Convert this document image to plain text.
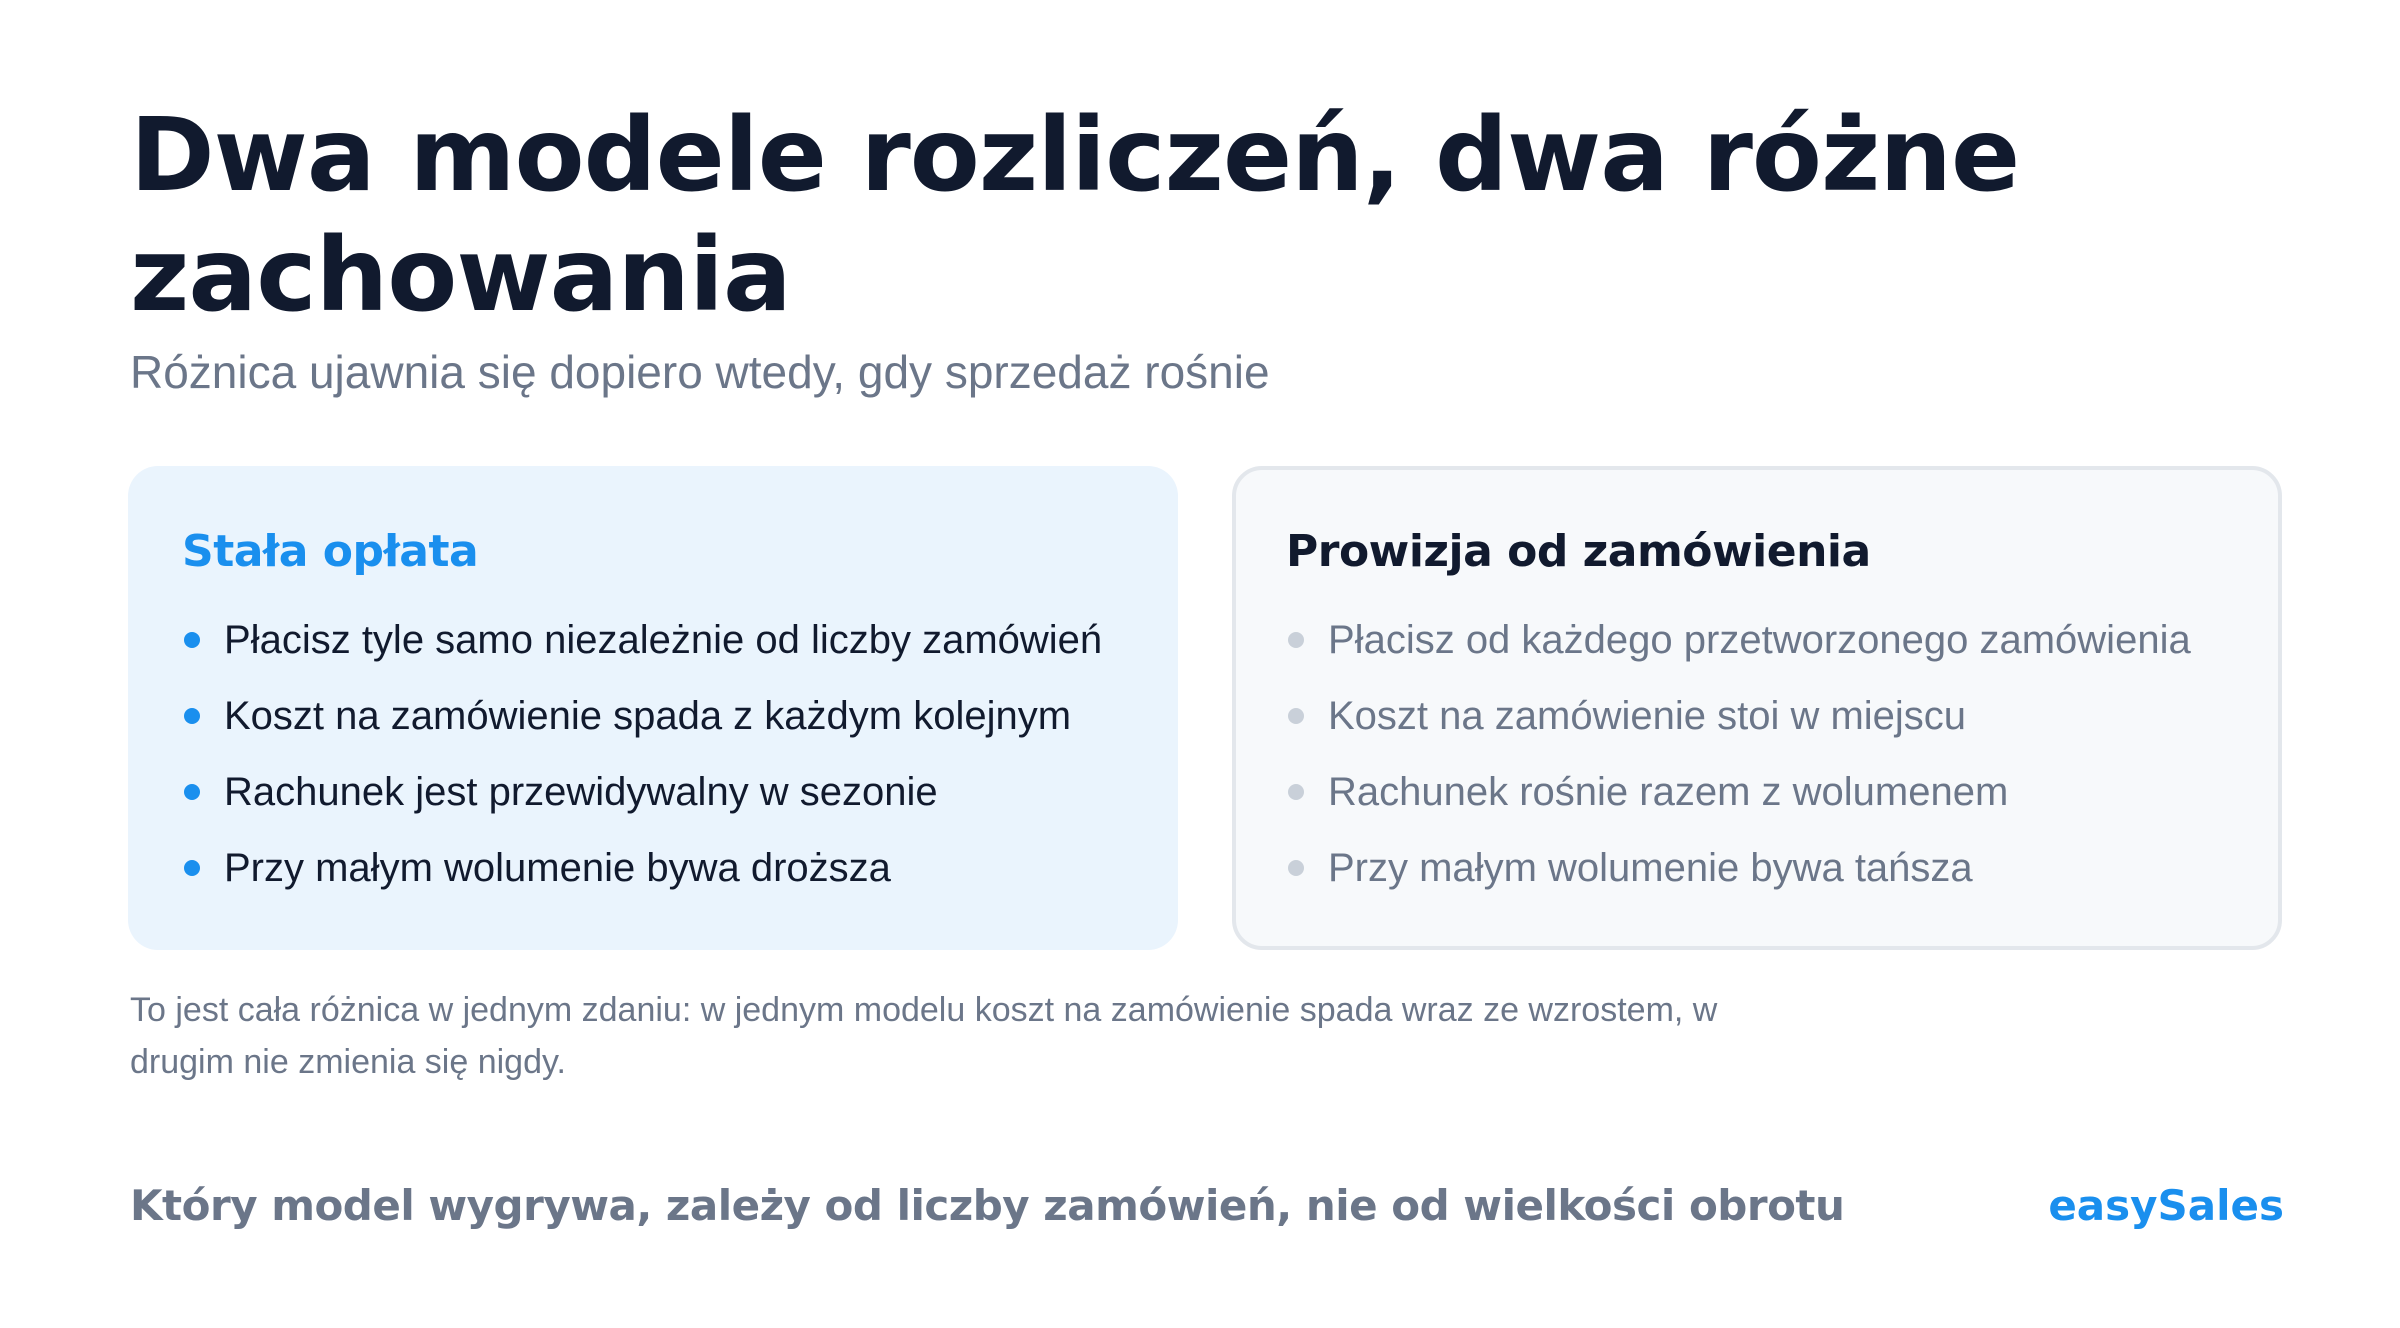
Dwa modele rozliczeń, dwa różne zachowania

Różnica ujawnia się dopiero wtedy, gdy sprzedaż rośnie

Stała opłata
Płacisz tyle samo niezależnie od liczby zamówień
Koszt na zamówienie spada z każdym kolejnym
Rachunek jest przewidywalny w sezonie
Przy małym wolumenie bywa droższa
Prowizja od zamówienia
Płacisz od każdego przetworzonego zamówienia
Koszt na zamówienie stoi w miejscu
Rachunek rośnie razem z wolumenem
Przy małym wolumenie bywa tańsza

To jest cała różnica w jednym zdaniu: w jednym modelu koszt na zamówienie spada wraz ze wzrostem, w drugim nie zmienia się nigdy.

Który model wygrywa, zależy od liczby zamówień, nie od wielkości obrotu	easySales
